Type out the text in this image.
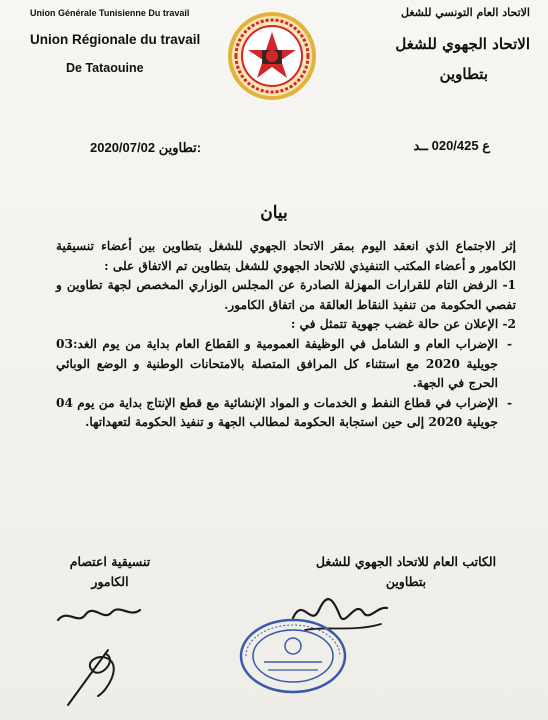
Union Générale Tunisienne Du travail
Union Régionale du travail
De Tataouine
الاتحاد العام التونسي للشغل
الاتحاد الجهوي للشغل
بتطاوين
2020/07/02 تطاوين:	ع 020/425 ــد
بيان

إثر الاجتماع الذي انعقد اليوم بمقر الاتحاد الجهوي للشغل بتطاوين بين أعضاء تنسيقية الكامور و أعضاء المكتب التنفيذي للاتحاد الجهوي للشغل بتطاوين تم الاتفاق على :

1- الرفض التام للقرارات المهزلة الصادرة عن المجلس الوزاري المخصص لجهة تطاوين و تفصي الحكومة من تنفيذ النقاط العالقة من اتفاق الكامور.

2- الإعلان عن حالة غضب جهوية تتمثل في :

- الإضراب العام و الشامل في الوظيفة العمومية و القطاع العام بداية من يوم الغد:03 جويلية 2020 مع استثناء كل المرافق المتصلة بالامتحانات الوطنية و الوضع الوبائي الحرج في الجهة.
- الإضراب في قطاع النفط و الخدمات و المواد الإنشائية مع قطع الإنتاج بداية من يوم 04 جويلية 2020 إلى حين استجابة الحكومة لمطالب الجهة و تنفيذ الحكومة لتعهداتها.
الكاتب العام للاتحاد الجهوي للشغل
بتطاوين
تنسيقية اعتصام
الكامور
